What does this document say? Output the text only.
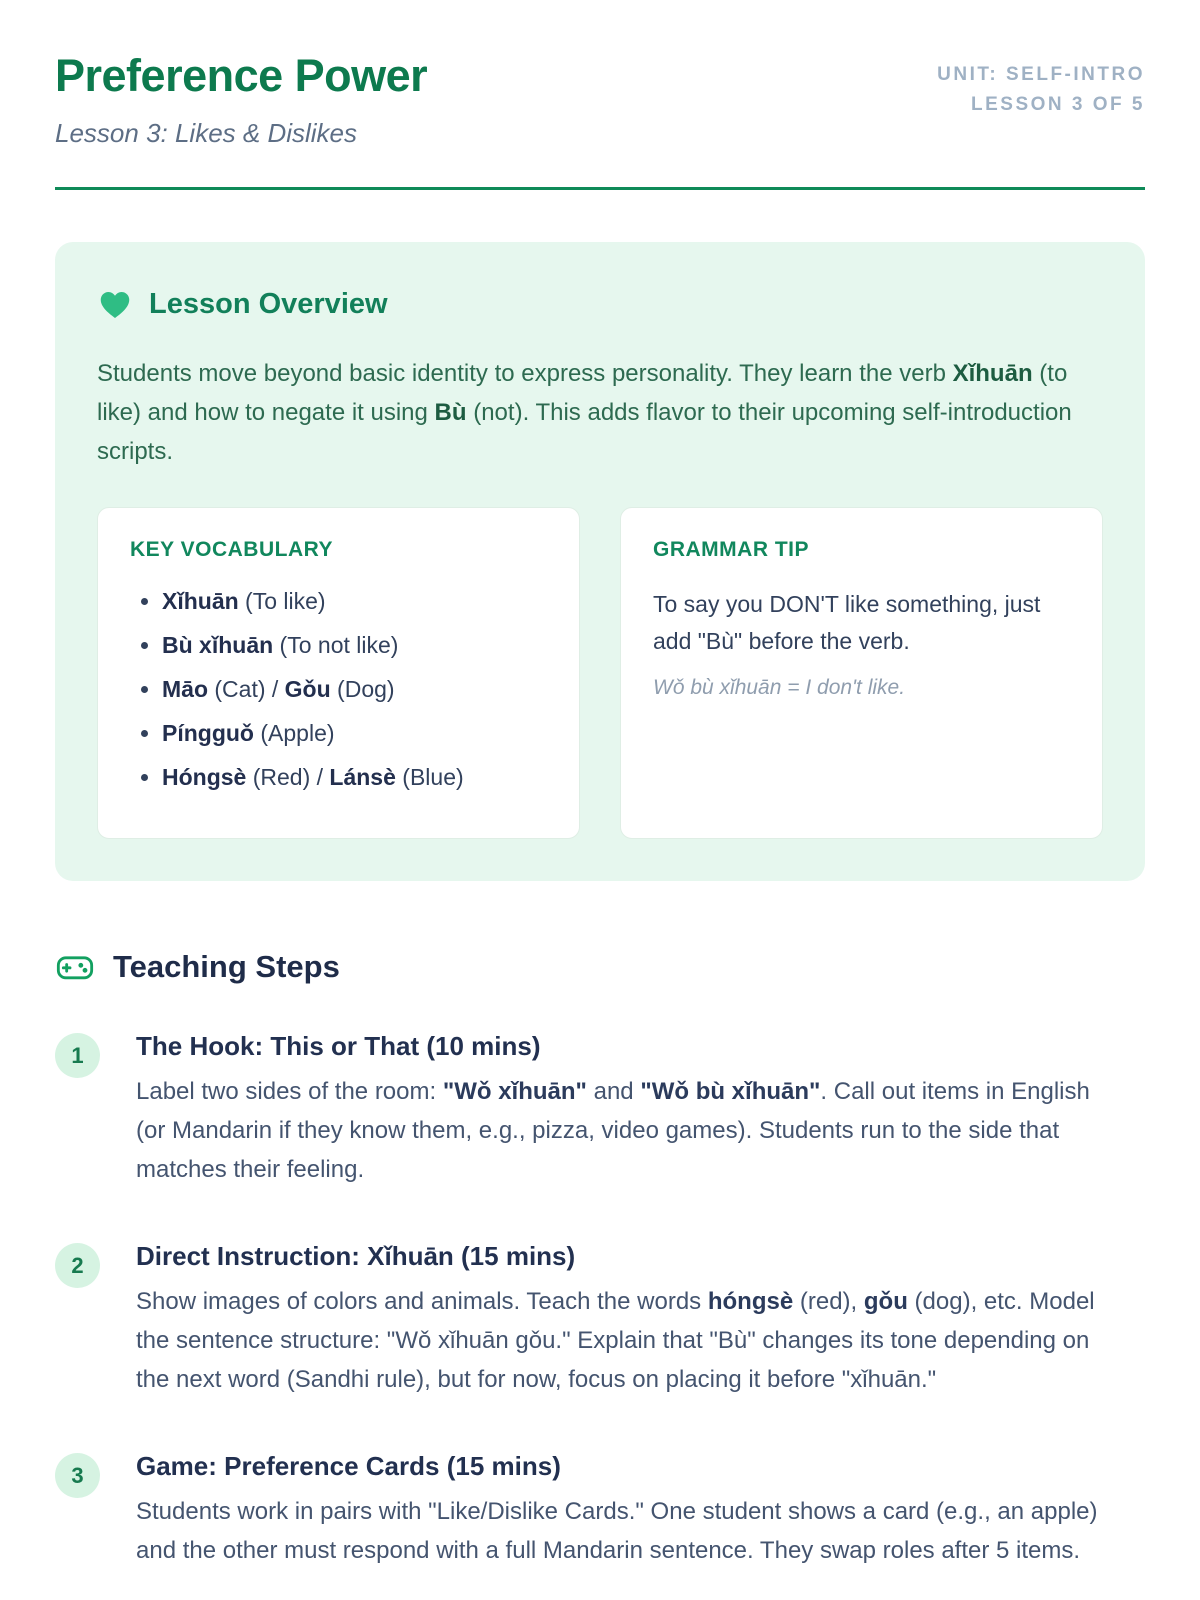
Preference Power
Lesson 3: Likes & Dislikes
UNIT: SELF-INTRO
LESSON 3 OF 5
Lesson Overview

Students move beyond basic identity to express personality. They learn the verb Xǐhuān (to like) and how to negate it using Bù (not). This adds flavor to their upcoming self-introduction scripts.

KEY VOCABULARY
• Xǐhuān (To like)
• Bù xǐhuān (To not like)
• Māo (Cat) / Gǒu (Dog)
• Píngguǒ (Apple)
• Hóngsè (Red) / Lánsè (Blue)
GRAMMAR TIP

To say you DON'T like something, just add "Bù" before the verb.

Wǒ bù xǐhuān = I don't like.

Teaching Steps
1	The Hook: This or That (10 mins)

Label two sides of the room: "Wǒ xǐhuān" and "Wǒ bù xǐhuān". Call out items in English (or Mandarin if they know them, e.g., pizza, video games). Students run to the side that matches their feeling.

2	Direct Instruction: Xǐhuān (15 mins)

Show images of colors and animals. Teach the words hóngsè (red), gǒu (dog), etc. Model the sentence structure: "Wǒ xǐhuān gǒu." Explain that "Bù" changes its tone depending on the next word (Sandhi rule), but for now, focus on placing it before "xǐhuān."

3	Game: Preference Cards (15 mins)

Students work in pairs with "Like/Dislike Cards." One student shows a card (e.g., an apple) and the other must respond with a full Mandarin sentence. They swap roles after 5 items.
